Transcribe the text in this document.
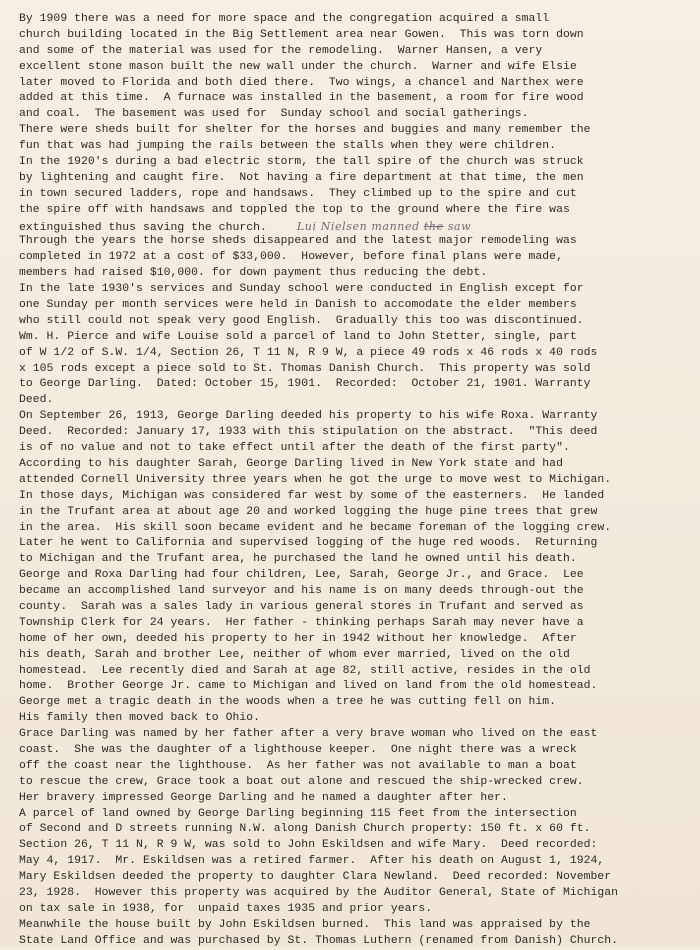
By 1909 there was a need for more space and the congregation acquired a small
church building located in the Big Settlement area near Gowen.  This was torn down
and some of the material was used for the remodeling.  Warner Hansen, a very
excellent stone mason built the new wall under the church.  Warner and wife Elsie
later moved to Florida and both died there.  Two wings, a chancel and Narthex were
added at this time.  A furnace was installed in the basement, a room for fire wood
and coal.  The basement was used for  Sunday school and social gatherings.
There were sheds built for shelter for the horses and buggies and many remember the
fun that was had jumping the rails between the stalls when they were children.
In the 1920's during a bad electric storm, the tall spire of the church was struck
by lightening and caught fire.  Not having a fire department at that time, the men
in town secured ladders, rope and handsaws.  They climbed up to the spire and cut
the spire off with handsaws and toppled the top to the ground where the fire was
extinguished thus saving the church.	Lui Nielsen manned the saw
Through the years the horse sheds disappeared and the latest major remodeling was
completed in 1972 at a cost of $33,000.  However, before final plans were made,
members had raised $10,000. for down payment thus reducing the debt.
In the late 1930's services and Sunday school were conducted in English except for
one Sunday per month services were held in Danish to accomodate the elder members
who still could not speak very good English.  Gradually this too was discontinued.
Wm. H. Pierce and wife Louise sold a parcel of land to John Stetter, single, part
of W 1/2 of S.W. 1/4, Section 26, T 11 N, R 9 W, a piece 49 rods x 46 rods x 40 rods
x 105 rods except a piece sold to St. Thomas Danish Church.  This property was sold
to George Darling.  Dated: October 15, 1901.  Recorded:  October 21, 1901. Warranty
Deed.
On September 26, 1913, George Darling deeded his property to his wife Roxa. Warranty
Deed.  Recorded: January 17, 1933 with this stipulation on the abstract.  "This deed
is of no value and not to take effect until after the death of the first party".
According to his daughter Sarah, George Darling lived in New York state and had
attended Cornell University three years when he got the urge to move west to Michigan.
In those days, Michigan was considered far west by some of the easterners.  He landed
in the Trufant area at about age 20 and worked logging the huge pine trees that grew
in the area.  His skill soon became evident and he became foreman of the logging crew.
Later he went to California and supervised logging of the huge red woods.  Returning
to Michigan and the Trufant area, he purchased the land he owned until his death.
George and Roxa Darling had four children, Lee, Sarah, George Jr., and Grace.  Lee
became an accomplished land surveyor and his name is on many deeds through-out the
county.  Sarah was a sales lady in various general stores in Trufant and served as
Township Clerk for 24 years.  Her father - thinking perhaps Sarah may never have a
home of her own, deeded his property to her in 1942 without her knowledge.  After
his death, Sarah and brother Lee, neither of whom ever married, lived on the old
homestead.  Lee recently died and Sarah at age 82, still active, resides in the old
home.  Brother George Jr. came to Michigan and lived on land from the old homestead.
George met a tragic death in the woods when a tree he was cutting fell on him.
His family then moved back to Ohio.
Grace Darling was named by her father after a very brave woman who lived on the east
coast.  She was the daughter of a lighthouse keeper.  One night there was a wreck
off the coast near the lighthouse.  As her father was not available to man a boat
to rescue the crew, Grace took a boat out alone and rescued the ship-wrecked crew.
Her bravery impressed George Darling and he named a daughter after her.
A parcel of land owned by George Darling beginning 115 feet from the intersection
of Second and D streets running N.W. along Danish Church property: 150 ft. x 60 ft.
Section 26, T 11 N, R 9 W, was sold to John Eskildsen and wife Mary.  Deed recorded:
May 4, 1917.  Mr. Eskildsen was a retired farmer.  After his death on August 1, 1924,
Mary Eskildsen deeded the property to daughter Clara Newland.  Deed recorded: November
23, 1928.  However this property was acquired by the Auditor General, State of Michigan
on tax sale in 1938, for  unpaid taxes 1935 and prior years.
Meanwhile the house built by John Eskildsen burned.  This land was appraised by the
State Land Office and was purchased by St. Thomas Luthern (renamed from Danish) Church.
